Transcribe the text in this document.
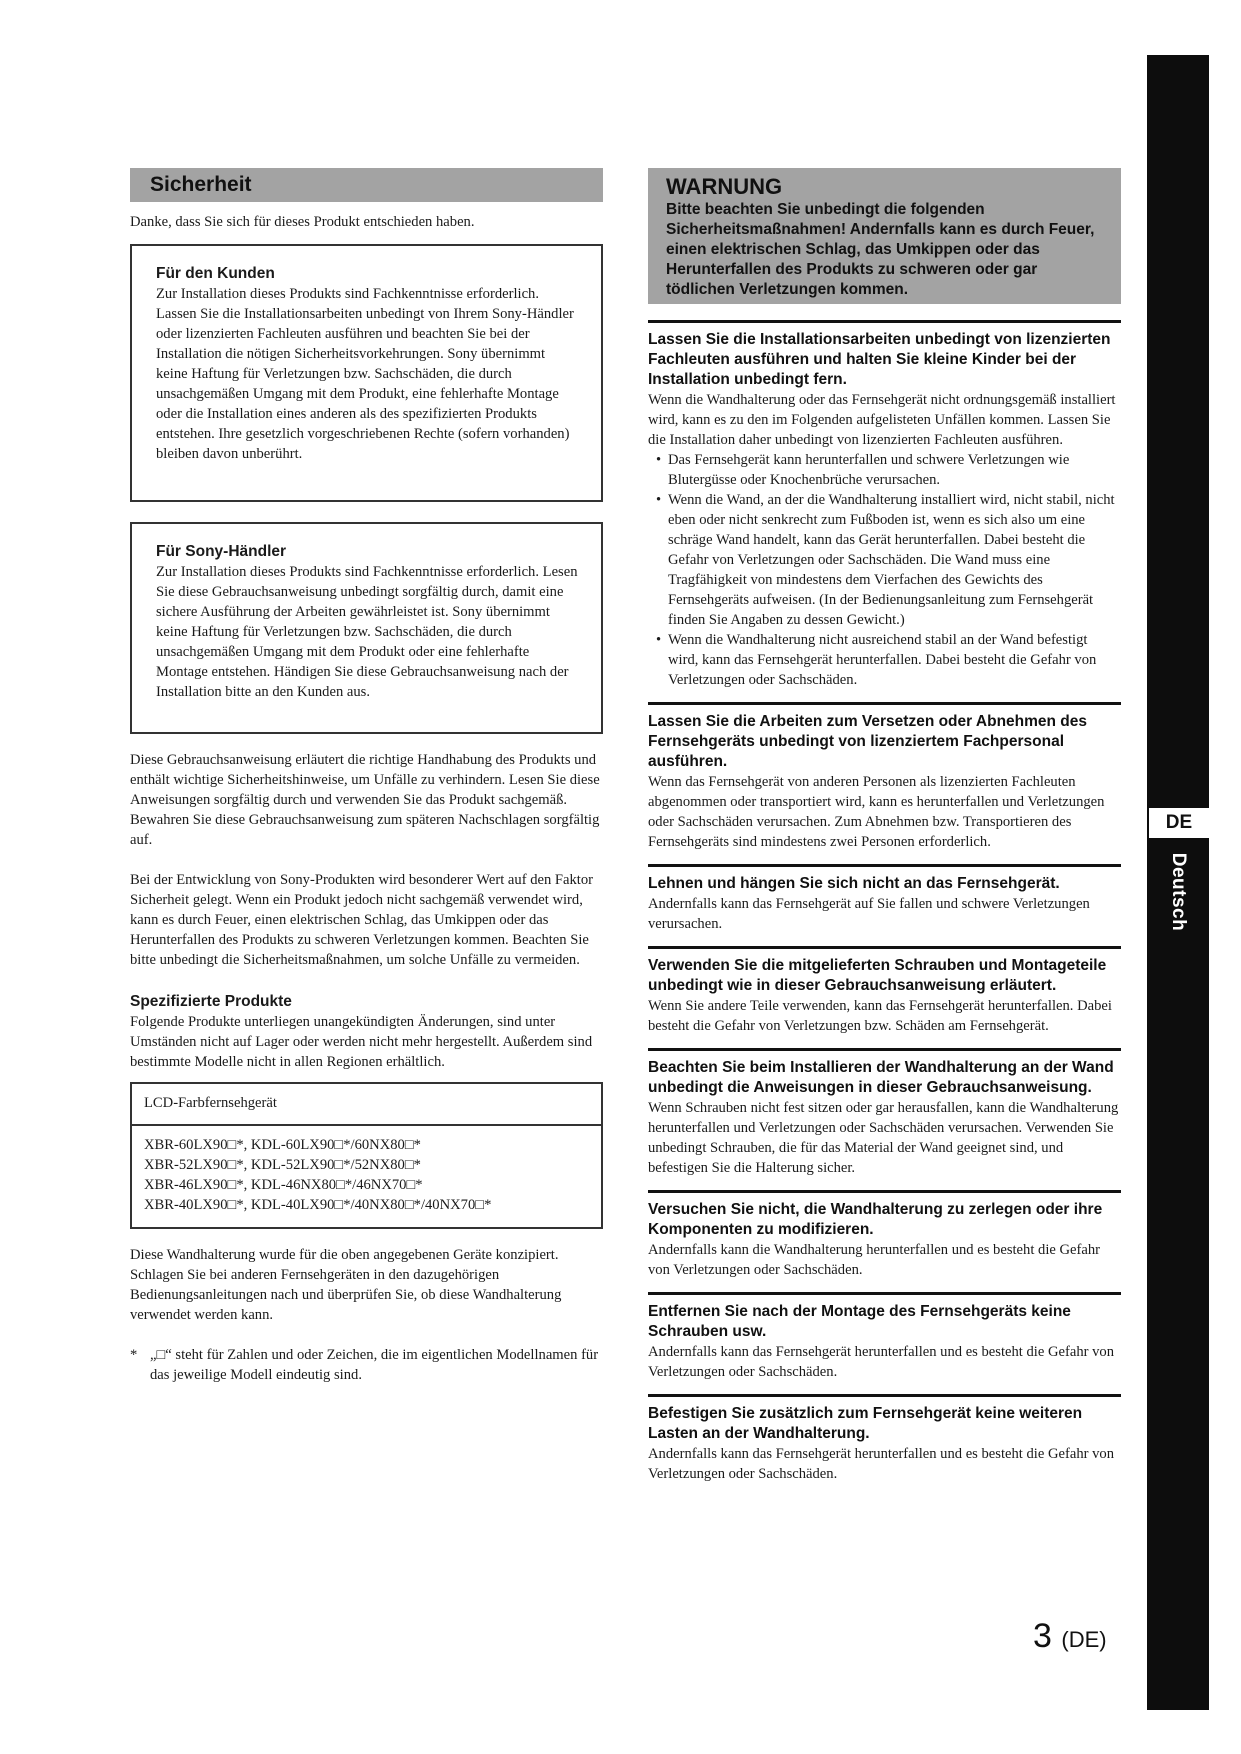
DE
Deutsch
Sicherheit

Danke, dass Sie sich für dieses Produkt entschieden haben.

Für den Kunden

Zur Installation dieses Produkts sind Fachkenntnisse erforderlich. Lassen Sie die Installationsarbeiten unbedingt von Ihrem Sony-Händler oder lizenzierten Fachleuten ausführen und beachten Sie bei der Installation die nötigen Sicherheitsvorkehrungen. Sony übernimmt keine Haftung für Verletzungen bzw. Sachschäden, die durch unsachgemäßen Umgang mit dem Produkt, eine fehlerhafte Montage oder die Installation eines anderen als des spezifizierten Produkts entstehen. Ihre gesetzlich vorgeschriebenen Rechte (sofern vorhanden) bleiben davon unberührt.

Für Sony-Händler

Zur Installation dieses Produkts sind Fachkenntnisse erforderlich. Lesen Sie diese Gebrauchsanweisung unbedingt sorgfältig durch, damit eine sichere Ausführung der Arbeiten gewährleistet ist. Sony übernimmt keine Haftung für Verletzungen bzw. Sachschäden, die durch unsachgemäßen Umgang mit dem Produkt oder eine fehlerhafte Montage entstehen. Händigen Sie diese Gebrauchsanweisung nach der Installation bitte an den Kunden aus.

Diese Gebrauchsanweisung erläutert die richtige Handhabung des Produkts und enthält wichtige Sicherheitshinweise, um Unfälle zu verhindern. Lesen Sie diese Anweisungen sorgfältig durch und verwenden Sie das Produkt sachgemäß. Bewahren Sie diese Gebrauchsanweisung zum späteren Nachschlagen sorgfältig auf.

Bei der Entwicklung von Sony-Produkten wird besonderer Wert auf den Faktor Sicherheit gelegt. Wenn ein Produkt jedoch nicht sachgemäß verwendet wird, kann es durch Feuer, einen elektrischen Schlag, das Umkippen oder das Herunterfallen des Produkts zu schweren Verletzungen kommen. Beachten Sie bitte unbedingt die Sicherheitsmaßnahmen, um solche Unfälle zu vermeiden.

Spezifizierte Produkte

Folgende Produkte unterliegen unangekündigten Änderungen, sind unter Umständen nicht auf Lager oder werden nicht mehr hergestellt. Außerdem sind bestimmte Modelle nicht in allen Regionen erhältlich.

LCD-Farbfernsehgerät
XBR-60LX90□*, KDL-60LX90□*/60NX80□*
XBR-52LX90□*, KDL-52LX90□*/52NX80□*
XBR-46LX90□*, KDL-46NX80□*/46NX70□*
XBR-40LX90□*, KDL-40LX90□*/40NX80□*/40NX70□*

Diese Wandhalterung wurde für die oben angegebenen Geräte konzipiert. Schlagen Sie bei anderen Fernsehgeräten in den dazugehörigen Bedienungsanleitungen nach und überprüfen Sie, ob diese Wandhalterung verwendet werden kann.

* „□“ steht für Zahlen und oder Zeichen, die im eigentlichen Modellnamen für das jeweilige Modell eindeutig sind.
WARNUNG
Bitte beachten Sie unbedingt die folgenden Sicherheitsmaßnahmen! Andernfalls kann es durch Feuer, einen elektrischen Schlag, das Umkippen oder das Herunterfallen des Produkts zu schweren oder gar tödlichen Verletzungen kommen.
Lassen Sie die Installationsarbeiten unbedingt von lizenzierten Fachleuten ausführen und halten Sie kleine Kinder bei der Installation unbedingt fern.

Wenn die Wandhalterung oder das Fernsehgerät nicht ordnungsgemäß installiert wird, kann es zu den im Folgenden aufgelisteten Unfällen kommen. Lassen Sie die Installation daher unbedingt von lizenzierten Fachleuten ausführen.

• Das Fernsehgerät kann herunterfallen und schwere Verletzungen wie Blutergüsse oder Knochenbrüche verursachen.
• Wenn die Wand, an der die Wandhalterung installiert wird, nicht stabil, nicht eben oder nicht senkrecht zum Fußboden ist, wenn es sich also um eine schräge Wand handelt, kann das Gerät herunterfallen. Dabei besteht die Gefahr von Verletzungen oder Sachschäden. Die Wand muss eine Tragfähigkeit von mindestens dem Vierfachen des Gewichts des Fernsehgeräts aufweisen. (In der Bedienungsanleitung zum Fernsehgerät finden Sie Angaben zu dessen Gewicht.)
• Wenn die Wandhalterung nicht ausreichend stabil an der Wand befestigt wird, kann das Fernsehgerät herunterfallen. Dabei besteht die Gefahr von Verletzungen oder Sachschäden.
Lassen Sie die Arbeiten zum Versetzen oder Abnehmen des Fernsehgeräts unbedingt von lizenziertem Fachpersonal ausführen.

Wenn das Fernsehgerät von anderen Personen als lizenzierten Fachleuten abgenommen oder transportiert wird, kann es herunterfallen und Verletzungen oder Sachschäden verursachen. Zum Abnehmen bzw. Transportieren des Fernsehgeräts sind mindestens zwei Personen erforderlich.

Lehnen und hängen Sie sich nicht an das Fernsehgerät.

Andernfalls kann das Fernsehgerät auf Sie fallen und schwere Verletzungen verursachen.

Verwenden Sie die mitgelieferten Schrauben und Montageteile unbedingt wie in dieser Gebrauchsanweisung erläutert.

Wenn Sie andere Teile verwenden, kann das Fernsehgerät herunterfallen. Dabei besteht die Gefahr von Verletzungen bzw. Schäden am Fernsehgerät.

Beachten Sie beim Installieren der Wandhalterung an der Wand unbedingt die Anweisungen in dieser Gebrauchsanweisung.

Wenn Schrauben nicht fest sitzen oder gar herausfallen, kann die Wandhalterung herunterfallen und Verletzungen oder Sachschäden verursachen. Verwenden Sie unbedingt Schrauben, die für das Material der Wand geeignet sind, und befestigen Sie die Halterung sicher.

Versuchen Sie nicht, die Wandhalterung zu zerlegen oder ihre Komponenten zu modifizieren.

Andernfalls kann die Wandhalterung herunterfallen und es besteht die Gefahr von Verletzungen oder Sachschäden.

Entfernen Sie nach der Montage des Fernsehgeräts keine Schrauben usw.

Andernfalls kann das Fernsehgerät herunterfallen und es besteht die Gefahr von Verletzungen oder Sachschäden.

Befestigen Sie zusätzlich zum Fernsehgerät keine weiteren Lasten an der Wandhalterung.

Andernfalls kann das Fernsehgerät herunterfallen und es besteht die Gefahr von Verletzungen oder Sachschäden.

3 (DE)
